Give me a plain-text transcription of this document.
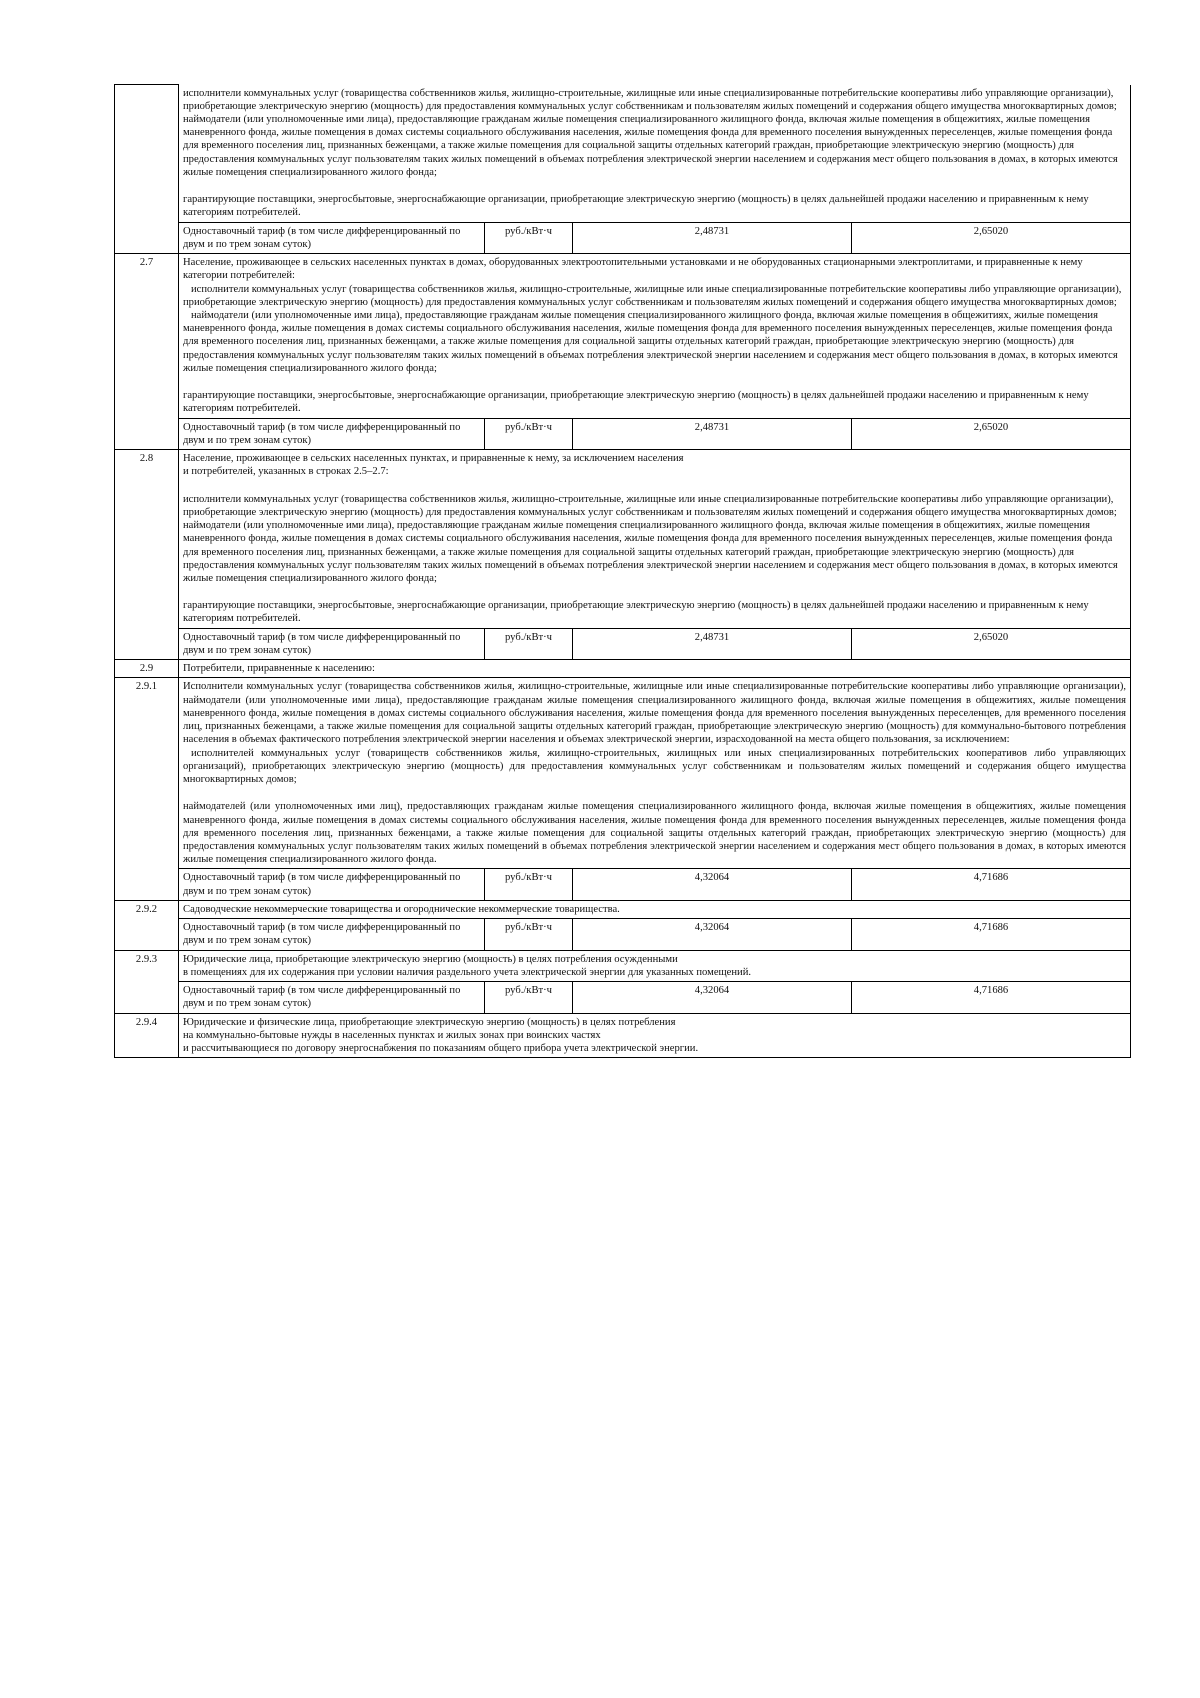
	исполнители коммунальных услуг (товарищества собственников жилья, жилищно-строительные, жилищные или иные специализированные потребительские кооперативы либо управляющие организации), приобретающие электрическую энергию (мощность) для предоставления коммунальных услуг собственникам и пользователям жилых помещений и содержания общего имущества многоквартирных домов;

наймодатели (или уполномоченные ими лица), предоставляющие гражданам жилые помещения специализированного жилищного фонда, включая жилые помещения в общежитиях, жилые помещения маневренного фонда, жилые помещения в домах системы социального обслуживания населения, жилые помещения фонда для временного поселения вынужденных переселенцев, жилые помещения фонда для временного поселения лиц, признанных беженцами, а также жилые помещения для социальной защиты отдельных категорий граждан, приобретающие электрическую энергию (мощность) для предоставления коммунальных услуг пользователям таких жилых помещений в объемах потребления электрической энергии населением и содержания мест общего пользования в домах, в которых имеются жилые помещения специализированного жилого фонда;

гарантирующие поставщики, энергосбытовые, энергоснабжающие организации, приобретающие электрическую энергию (мощность) в целях дальнейшей продажи населению и приравненным к нему категориям потребителей.			

	Одноставочный тариф (в том числе дифференцированный по двум и по трем зонам суток)	руб./кВт·ч	2,48731	2,65020
2.7	Население, проживающее в сельских населенных пунктах в домах, оборудованных электроотопительными установками и не оборудованных стационарными электроплитами, и приравненные к нему категории потребителей:

исполнители коммунальных услуг (товарищества собственников жилья, жилищно-строительные, жилищные или иные специализированные потребительские кооперативы либо управляющие организации), приобретающие электрическую энергию (мощность) для предоставления коммунальных услуг собственникам и пользователям жилых помещений и содержания общего имущества многоквартирных домов;

наймодатели (или уполномоченные ими лица), предоставляющие гражданам жилые помещения специализированного жилищного фонда, включая жилые помещения в общежитиях, жилые помещения маневренного фонда, жилые помещения в домах системы социального обслуживания населения, жилые помещения фонда для временного поселения вынужденных переселенцев, жилые помещения фонда для временного поселения лиц, признанных беженцами, а также жилые помещения для социальной защиты отдельных категорий граждан, приобретающие электрическую энергию (мощность) для предоставления коммунальных услуг пользователям таких жилых помещений в объемах потребления электрической энергии населением и содержания мест общего пользования в домах, в которых имеются жилые помещения специализированного жилого фонда;

гарантирующие поставщики, энергосбытовые, энергоснабжающие организации, приобретающие электрическую энергию (мощность) в целях дальнейшей продажи населению и приравненным к нему категориям потребителей.			

	Одноставочный тариф (в том числе дифференцированный по двум и по трем зонам суток)	руб./кВт·ч	2,48731	2,65020
2.8	Население, проживающее в сельских населенных пунктах, и приравненные к нему, за исключением населения

и потребителей, указанных в строках 2.5–2.7:

исполнители коммунальных услуг (товарищества собственников жилья, жилищно-строительные, жилищные или иные специализированные потребительские кооперативы либо управляющие организации), приобретающие электрическую энергию (мощность) для предоставления коммунальных услуг собственникам и пользователям жилых помещений и содержания общего имущества многоквартирных домов;

наймодатели (или уполномоченные ими лица), предоставляющие гражданам жилые помещения специализированного жилищного фонда, включая жилые помещения в общежитиях, жилые помещения маневренного фонда, жилые помещения в домах системы социального обслуживания населения, жилые помещения фонда для временного поселения вынужденных переселенцев, жилые помещения фонда для временного поселения лиц, признанных беженцами, а также жилые помещения для социальной защиты отдельных категорий граждан, приобретающие электрическую энергию (мощность) для предоставления коммунальных услуг пользователям таких жилых помещений в объемах потребления электрической энергии населением и содержания мест общего пользования в домах, в которых имеются жилые помещения специализированного жилого фонда;

гарантирующие поставщики, энергосбытовые, энергоснабжающие организации, приобретающие электрическую энергию (мощность) в целях дальнейшей продажи населению и приравненным к нему категориям потребителей.			

	Одноставочный тариф (в том числе дифференцированный по двум и по трем зонам суток)	руб./кВт·ч	2,48731	2,65020
2.9	Потребители, приравненные к населению:			
2.9.1	Исполнители коммунальных услуг (товарищества собственников жилья, жилищно-строительные, жилищные или иные специализированные потребительские кооперативы либо управляющие организации), наймодатели (или уполномоченные ими лица), предоставляющие гражданам жилые помещения специализированного жилищного фонда, включая жилые помещения в общежитиях, жилые помещения маневренного фонда, жилые помещения в домах системы социального обслуживания населения, жилые помещения фонда для временного поселения вынужденных переселенцев, для временного поселения лиц, признанных беженцами, а также жилые помещения для социальной защиты отдельных категорий граждан, приобретающие электрическую энергию (мощность) для коммунально-бытового потребления населения в объемах фактического потребления электрической энергии населения и объемах электрической энергии, израсходованной на места общего пользования, за исключением:

исполнителей коммунальных услуг (товариществ собственников жилья, жилищно-строительных, жилищных или иных специализированных потребительских кооперативов либо управляющих организаций), приобретающих электрическую энергию (мощность) для предоставления коммунальных услуг собственникам и пользователям жилых помещений и содержания общего имущества многоквартирных домов;

наймодателей (или уполномоченных ими лиц), предоставляющих гражданам жилые помещения специализированного жилищного фонда, включая жилые помещения в общежитиях, жилые помещения маневренного фонда, жилые помещения в домах системы социального обслуживания населения, жилые помещения фонда для временного поселения вынужденных переселенцев, жилые помещения фонда для временного поселения лиц, признанных беженцами, а также жилые помещения для социальной защиты отдельных категорий граждан, приобретающих электрическую энергию (мощность) для предоставления коммунальных услуг пользователям таких жилых помещений в объемах потребления электрической энергии населением и содержания мест общего пользования в домах, в которых имеются жилые помещения специализированного жилого фонда.			

	Одноставочный тариф (в том числе дифференцированный по двум и по трем зонам суток)	руб./кВт·ч	4,32064	4,71686
2.9.2	Садоводческие некоммерческие товарищества и огороднические некоммерческие товарищества.			
	Одноставочный тариф (в том числе дифференцированный по двум и по трем зонам суток)	руб./кВт·ч	4,32064	4,71686
2.9.3	Юридические лица, приобретающие электрическую энергию (мощность) в целях потребления осужденными

в помещениях для их содержания при условии наличия раздельного учета электрической энергии для указанных помещений.			

	Одноставочный тариф (в том числе дифференцированный по двум и по трем зонам суток)	руб./кВт·ч	4,32064	4,71686
2.9.4	Юридические и физические лица, приобретающие электрическую энергию (мощность) в целях потребления

на коммунально-бытовые нужды в населенных пунктах и жилых зонах при воинских частях

и рассчитывающиеся по договору энергоснабжения по показаниям общего прибора учета электрической энергии.			
